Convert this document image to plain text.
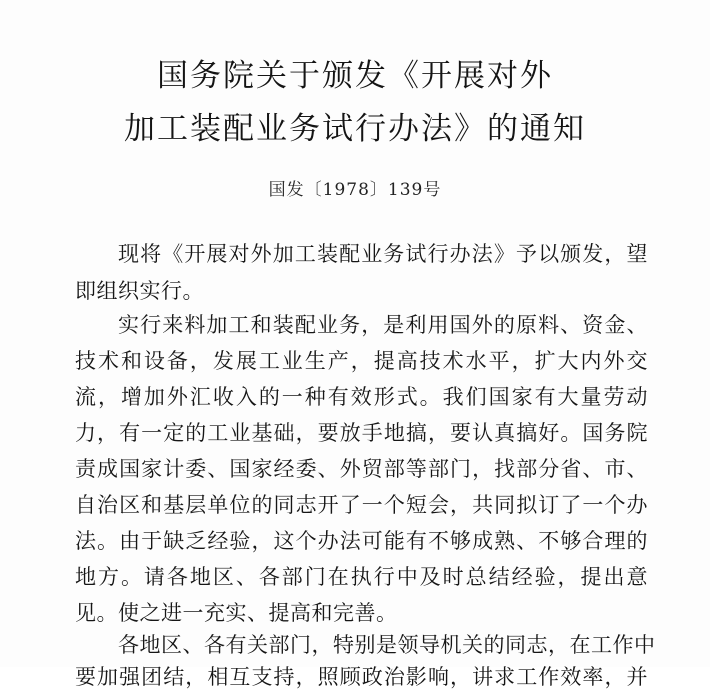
国务院关于颁发《开展对外
加工装配业务试行办法》的通知
国发〔1978〕139号
现将《开展对外加工装配业务试行办法》予以颁发，望
即组织实行。
实行来料加工和装配业务，是利用国外的原料、资金、
技术和设备，发展工业生产，提高技术水平，扩大内外交
流，增加外汇收入的一种有效形式。我们国家有大量劳动
力，有一定的工业基础，要放手地搞，要认真搞好。国务院
责成国家计委、国家经委、外贸部等部门，找部分省、市、
自治区和基层单位的同志开了一个短会，共同拟订了一个办
法。由于缺乏经验，这个办法可能有不够成熟、不够合理的
地方。请各地区、各部门在执行中及时总结经验，提出意
见。使之进一充实、提高和完善。
各地区、各有关部门，特别是领导机关的同志，在工作中
要加强团结，相互支持，照顾政治影响，讲求工作效率，并
